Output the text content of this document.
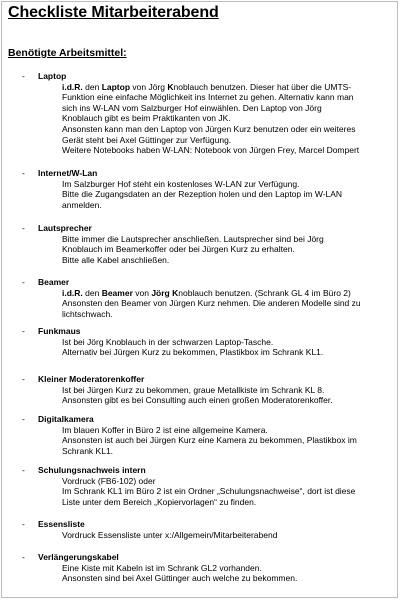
Checkliste Mitarbeiterabend
Benötigte Arbeitsmittel:
- Laptop
i.d.R. den Laptop von Jörg Knoblauch benutzen. Dieser hat über die UMTS-
Funktion eine einfache Möglichkeit ins Internet zu gehen. Alternativ kann man
sich ins W-LAN vom Salzburger Hof einwählen. Den Laptop von Jörg
Knoblauch gibt es beim Praktikanten von JK.
Ansonsten kann man den Laptop von Jürgen Kurz benutzen oder ein weiteres
Gerät steht bei Axel Güttinger zur Verfügung.
Weitere Notebooks haben W-LAN: Notebook von Jürgen Frey, Marcel Dompert
- Internet/W-Lan
Im Salzburger Hof steht ein kostenloses W-LAN zur Verfügung.
Bitte die Zugangsdaten an der Rezeption holen und den Laptop im W-LAN
anmelden.
- Lautsprecher
Bitte immer die Lautsprecher anschließen. Lautsprecher sind bei Jörg
Knoblauch im Beamerkoffer oder bei Jürgen Kurz zu erhalten.
Bitte alle Kabel anschließen.
- Beamer
i.d.R. den Beamer von Jörg Knoblauch benutzen. (Schrank GL 4 im Büro 2)
Ansonsten den Beamer von Jürgen Kurz nehmen. Die anderen Modelle sind zu
lichtschwach.
- Funkmaus
Ist bei Jörg Knoblauch in der schwarzen Laptop-Tasche.
Alternativ bei Jürgen Kurz zu bekommen, Plastikbox im Schrank KL1.
- Kleiner Moderatorenkoffer
Ist bei Jürgen Kurz zu bekommen, graue Metallkiste im Schrank KL 8.
Ansonsten gibt es bei Consulting auch einen großen Moderatorenkoffer.
- Digitalkamera
Im blauen Koffer in Büro 2 ist eine allgemeine Kamera.
Ansonsten ist auch bei Jürgen Kurz eine Kamera zu bekommen, Plastikbox im
Schrank KL1.
- Schulungsnachweis intern
Vordruck (FB6-102) oder
Im Schrank KL1 im Büro 2 ist ein Ordner „Schulungsnachweise“, dort ist diese
Liste unter dem Bereich „Kopiervorlagen“ zu finden.
- Essensliste
Vordruck Essensliste unter x:/Allgemein/Mitarbeiterabend
- Verlängerungskabel
Eine Kiste mit Kabeln ist im Schrank GL2 vorhanden.
Ansonsten sind bei Axel Güttinger auch welche zu bekommen.
